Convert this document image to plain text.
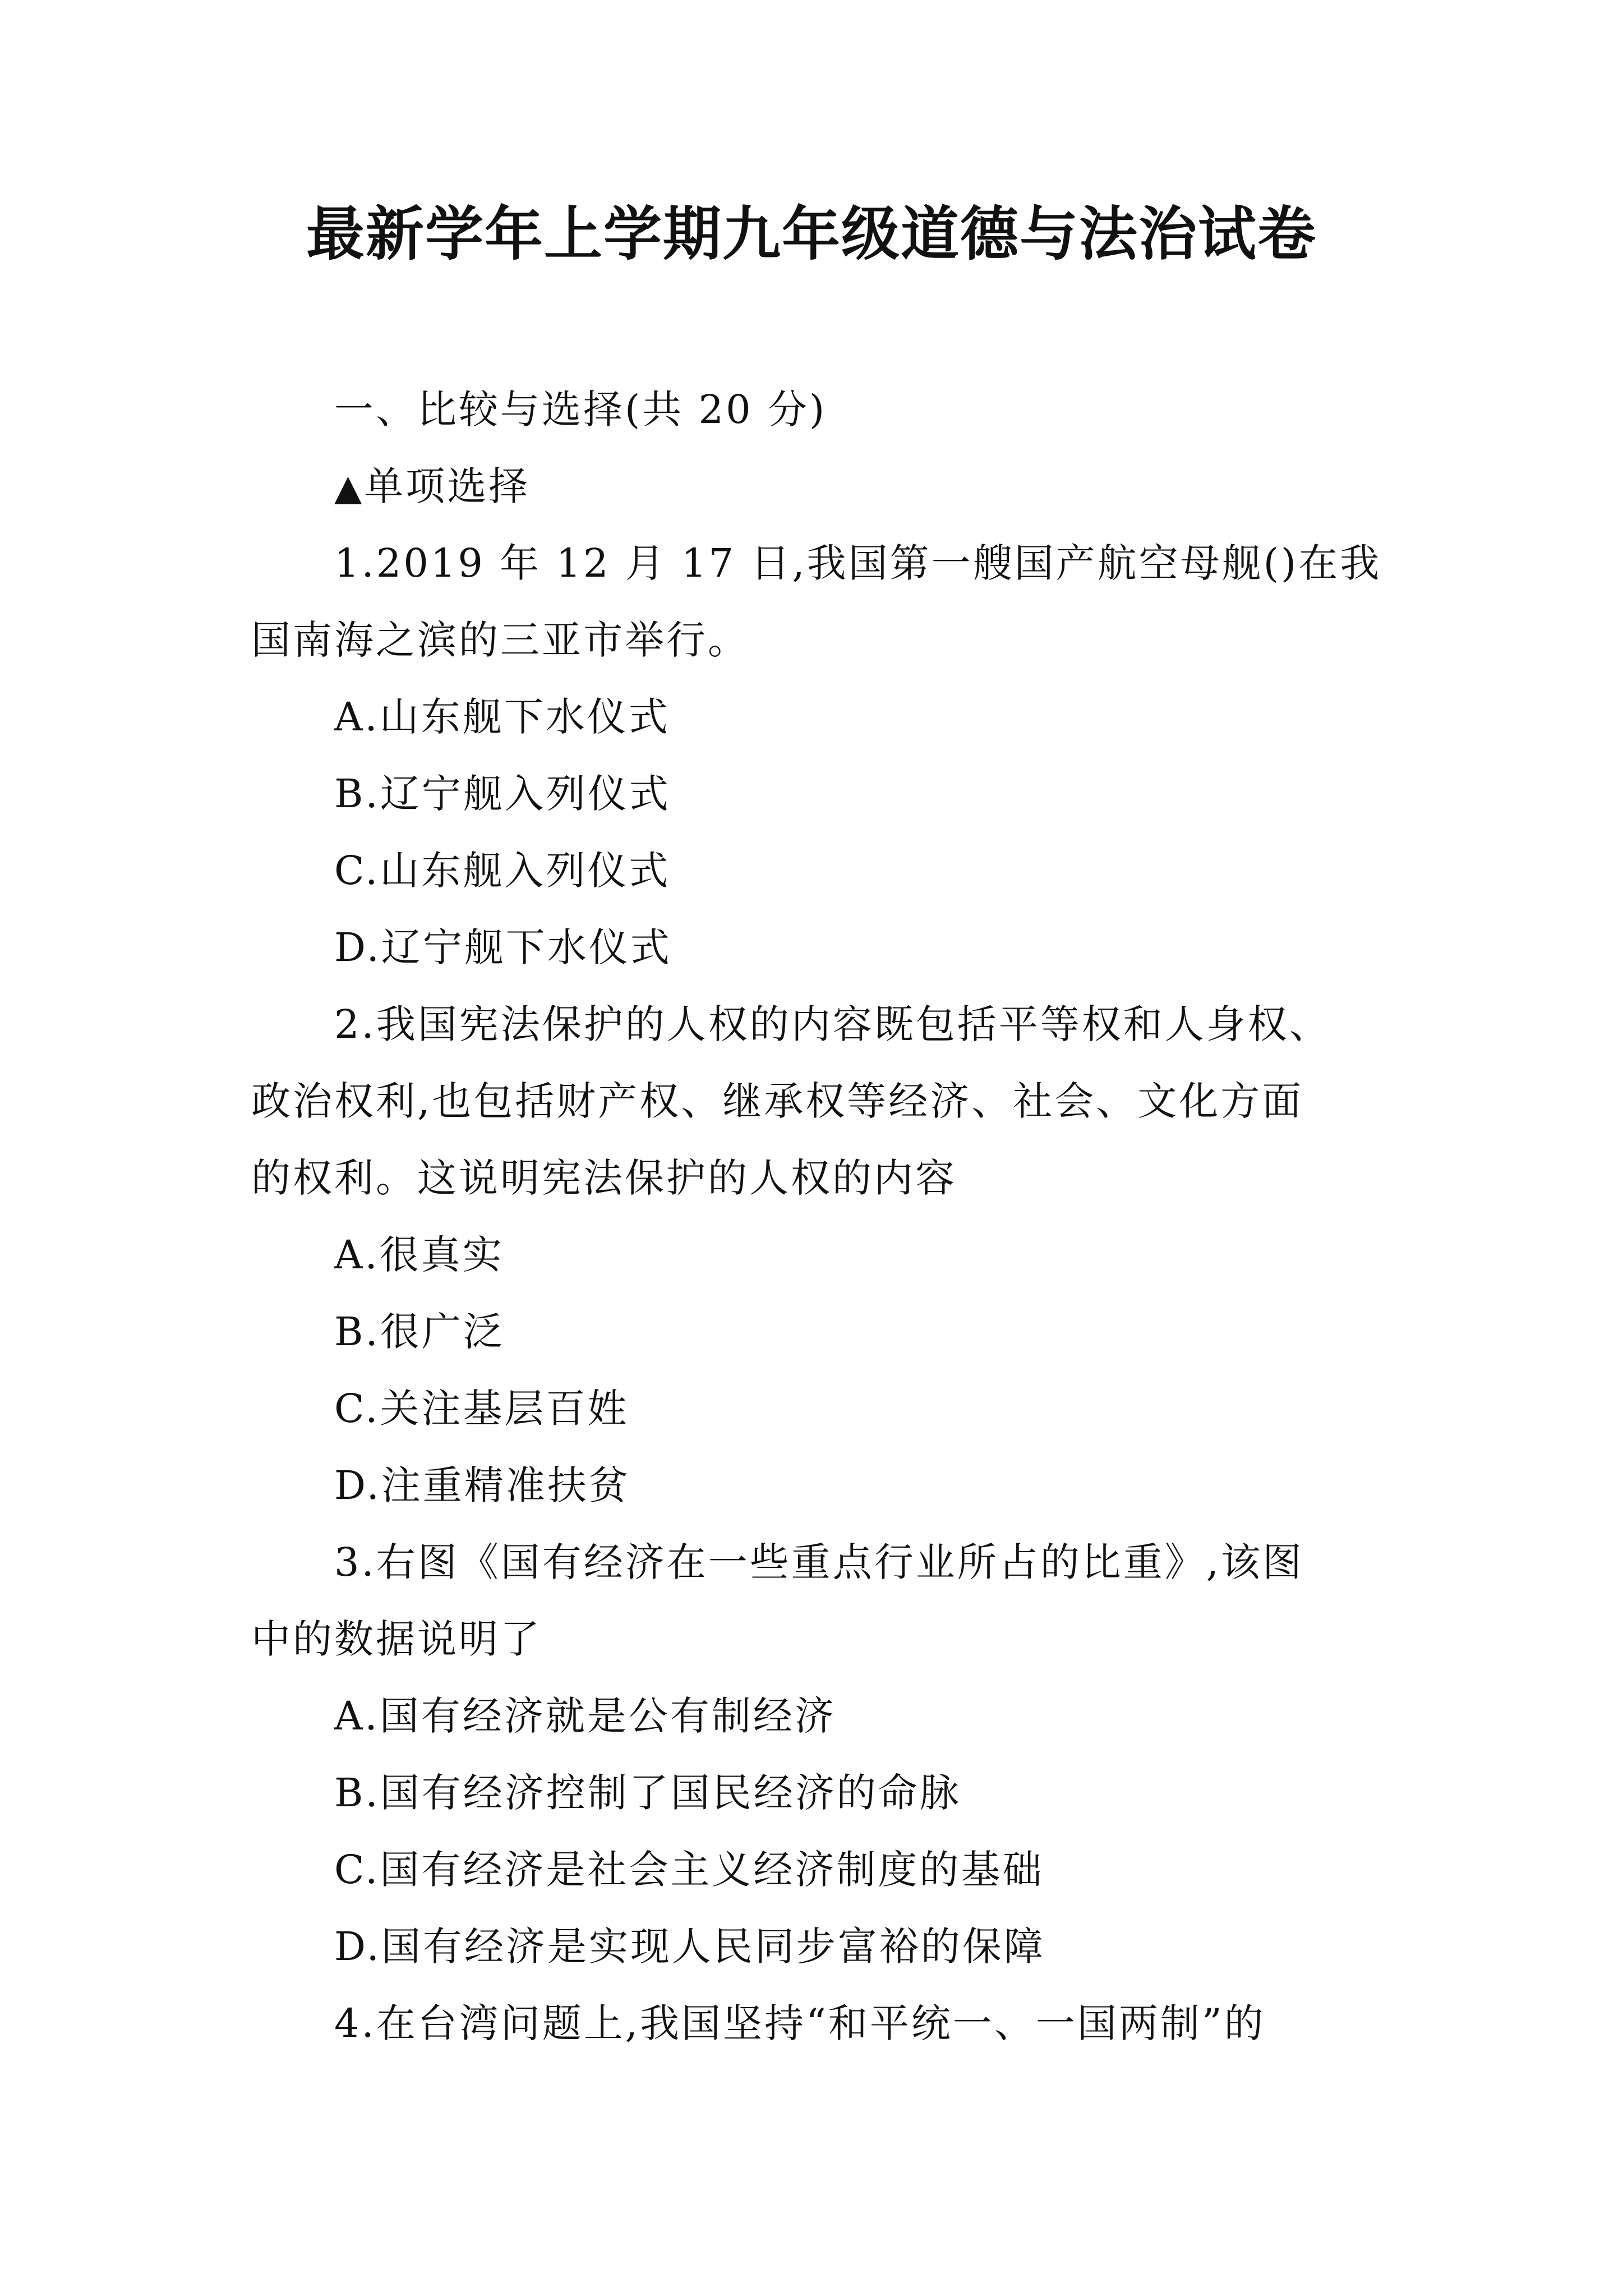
最新学年上学期九年级道德与法治试卷
一、比较与选择(共 20 分)
▲单项选择
1.2019 年 12 月 17 日,我国第一艘国产航空母舰()在我
国南海之滨的三亚市举行。
A.山东舰下水仪式
B.辽宁舰入列仪式
C.山东舰入列仪式
D.辽宁舰下水仪式
2.我国宪法保护的人权的内容既包括平等权和人身权、
政治权利,也包括财产权、继承权等经济、社会、文化方面
的权利。这说明宪法保护的人权的内容
A.很真实
B.很广泛
C.关注基层百姓
D.注重精准扶贫
3.右图《国有经济在一些重点行业所占的比重》,该图
中的数据说明了
A.国有经济就是公有制经济
B.国有经济控制了国民经济的命脉
C.国有经济是社会主义经济制度的基础
D.国有经济是实现人民同步富裕的保障
4.在台湾问题上,我国坚持“和平统一、一国两制”的
